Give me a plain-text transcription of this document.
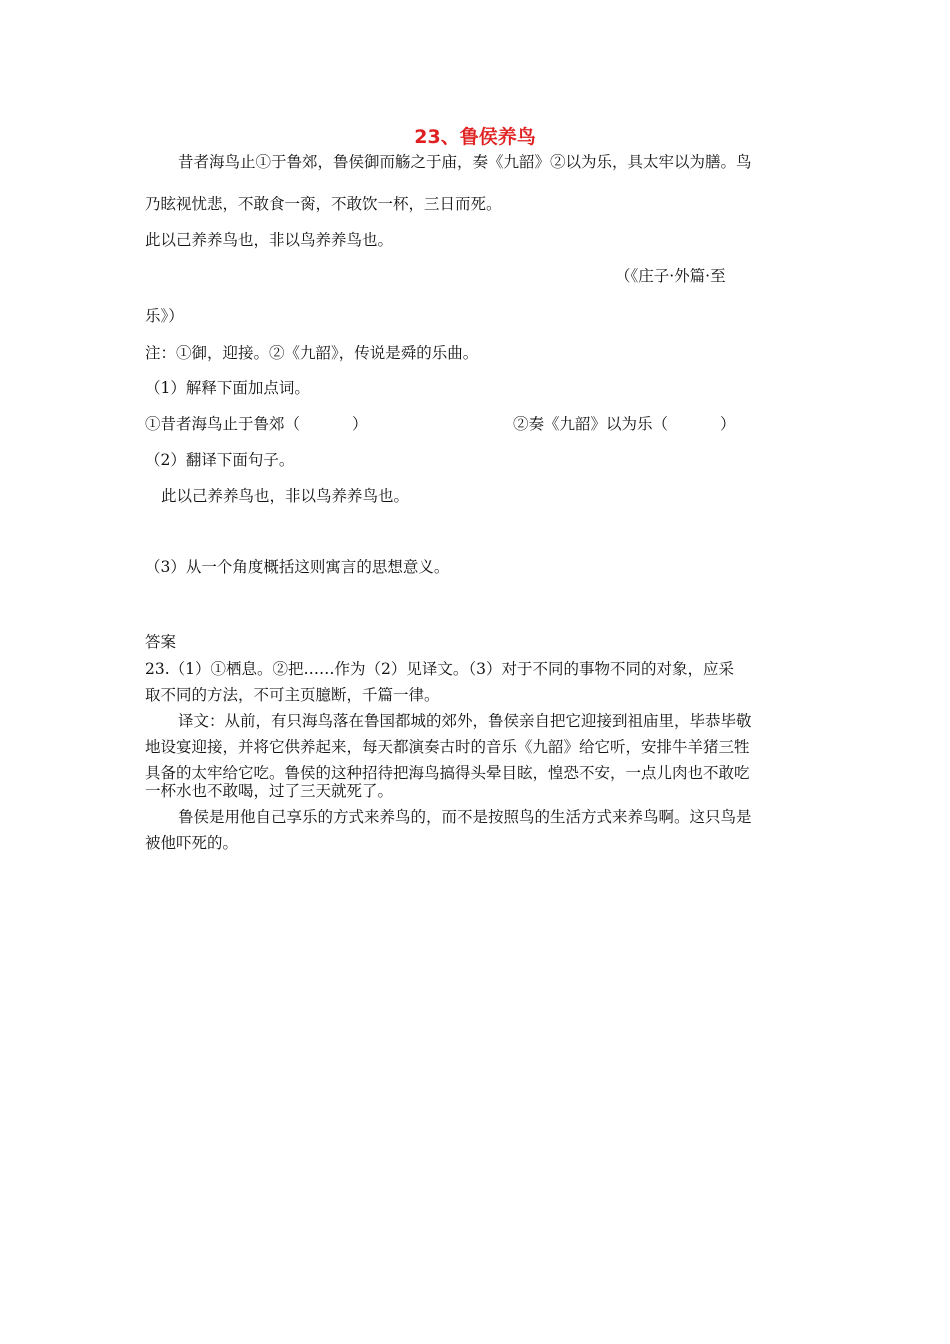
23、鲁侯养鸟
昔者海鸟止①于鲁郊，鲁侯御而觞之于庙，奏《九韶》②以为乐，具太牢以为膳。鸟
乃眩视忧悲，不敢食一脔，不敢饮一杯，三日而死。
此以己养养鸟也，非以鸟养养鸟也。
（《庄子·外篇·至
乐》）
注：①御，迎接。②《九韶》，传说是舜的乐曲。
（1）解释下面加点词。
①昔者海鸟止于鲁郊（	）	②奏《九韶》以为乐（	）
（2）翻译下面句子。
此以己养养鸟也，非以鸟养养鸟也。
（3）从一个角度概括这则寓言的思想意义。
答案
23.（1）①栖息。②把……作为（2）见译文。（3）对于不同的事物不同的对象，应采
取不同的方法，不可主页臆断，千篇一律。
译文：从前，有只海鸟落在鲁国都城的郊外，鲁侯亲自把它迎接到祖庙里，毕恭毕敬
地设宴迎接，并将它供养起来，每天都演奏古时的音乐《九韶》给它听，安排牛羊猪三牲
具备的太牢给它吃。鲁侯的这种招待把海鸟搞得头晕目眩，惶恐不安，一点儿肉也不敢吃
一杯水也不敢喝，过了三天就死了。
鲁侯是用他自己享乐的方式来养鸟的，而不是按照鸟的生活方式来养鸟啊。这只鸟是
被他吓死的。
